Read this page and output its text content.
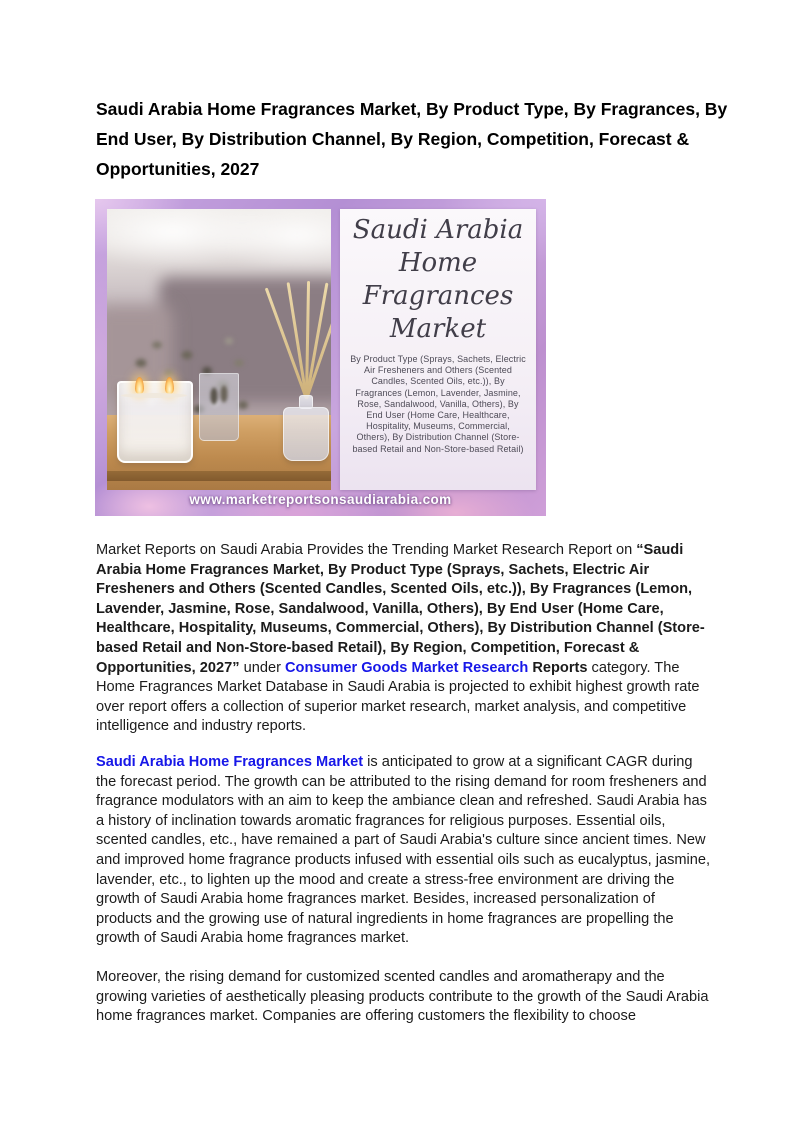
Saudi Arabia Home Fragrances Market, By Product Type, By Fragrances, By
End User, By Distribution Channel, By Region, Competition, Forecast &
Opportunities, 2027
Saudi Arabia
Home
Fragrances
Market
By Product Type (Sprays, Sachets, Electric Air Fresheners and Others (Scented Candles, Scented Oils, etc.)), By Fragrances (Lemon, Lavender, Jasmine, Rose, Sandalwood, Vanilla, Others), By End User (Home Care, Healthcare, Hospitality, Museums, Commercial, Others), By Distribution Channel (Store-based Retail and Non-Store-based Retail)
www.marketreportsonsaudiarabia.com

Market Reports on Saudi Arabia Provides the Trending Market Research Report on “Saudi Arabia Home Fragrances Market, By Product Type (Sprays, Sachets, Electric Air Fresheners and Others (Scented Candles, Scented Oils, etc.)), By Fragrances (Lemon, Lavender, Jasmine, Rose, Sandalwood, Vanilla, Others), By End User (Home Care, Healthcare, Hospitality, Museums, Commercial, Others), By Distribution Channel (Store-based Retail and Non-Store-based Retail), By Region, Competition, Forecast & Opportunities, 2027” under Consumer Goods Market Research Reports category. The Home Fragrances Market Database in Saudi Arabia is projected to exhibit highest growth rate over report offers a collection of superior market research, market analysis, and competitive intelligence and industry reports.

Saudi Arabia Home Fragrances Market is anticipated to grow at a significant CAGR during the forecast period. The growth can be attributed to the rising demand for room fresheners and fragrance modulators with an aim to keep the ambiance clean and refreshed. Saudi Arabia has a history of inclination towards aromatic fragrances for religious purposes. Essential oils, scented candles, etc., have remained a part of Saudi Arabia's culture since ancient times. New and improved home fragrance products infused with essential oils such as eucalyptus, jasmine, lavender, etc., to lighten up the mood and create a stress-free environment are driving the growth of Saudi Arabia home fragrances market. Besides, increased personalization of products and the growing use of natural ingredients in home fragrances are propelling the growth of Saudi Arabia home fragrances market.

Moreover, the rising demand for customized scented candles and aromatherapy and the growing varieties of aesthetically pleasing products contribute to the growth of the Saudi Arabia home fragrances market. Companies are offering customers the flexibility to choose
